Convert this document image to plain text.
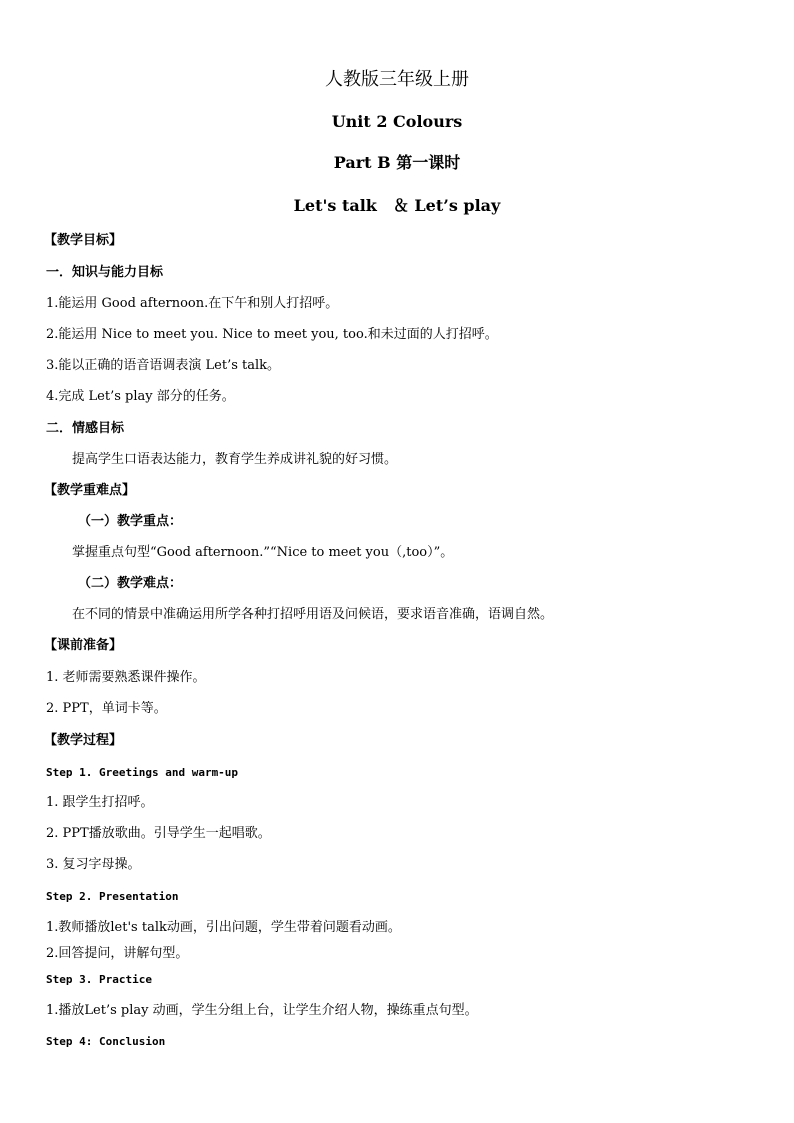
人教版三年级上册
Unit 2 Colours
Part B 第一课时
Let's talk　＆ Let’s play
【教学目标】
一．知识与能力目标
1.能运用 Good afternoon.在下午和别人打招呼。
2.能运用 Nice to meet you. Nice to meet you, too.和未过面的人打招呼。
3.能以正确的语音语调表演 Let’s talk。
4.完成 Let’s play 部分的任务。
二．情感目标
提高学生口语表达能力，教育学生养成讲礼貌的好习惯。
【教学重难点】
（一）教学重点：
掌握重点句型“Good afternoon.”“Nice to meet you（,too）”。
（二）教学难点：
在不同的情景中准确运用所学各种打招呼用语及问候语，要求语音准确，语调自然。
【课前准备】
1. 老师需要熟悉课件操作。
2. PPT，单词卡等。
【教学过程】
Step 1. Greetings and warm-up
1. 跟学生打招呼。
2. PPT播放歌曲。引导学生一起唱歌。
3. 复习字母操。
Step 2. Presentation
1.教师播放let's talk动画，引出问题，学生带着问题看动画。
2.回答提问，讲解句型。
Step 3. Practice
1.播放Let’s play 动画，学生分组上台，让学生介绍人物，操练重点句型。
Step 4: Conclusion
